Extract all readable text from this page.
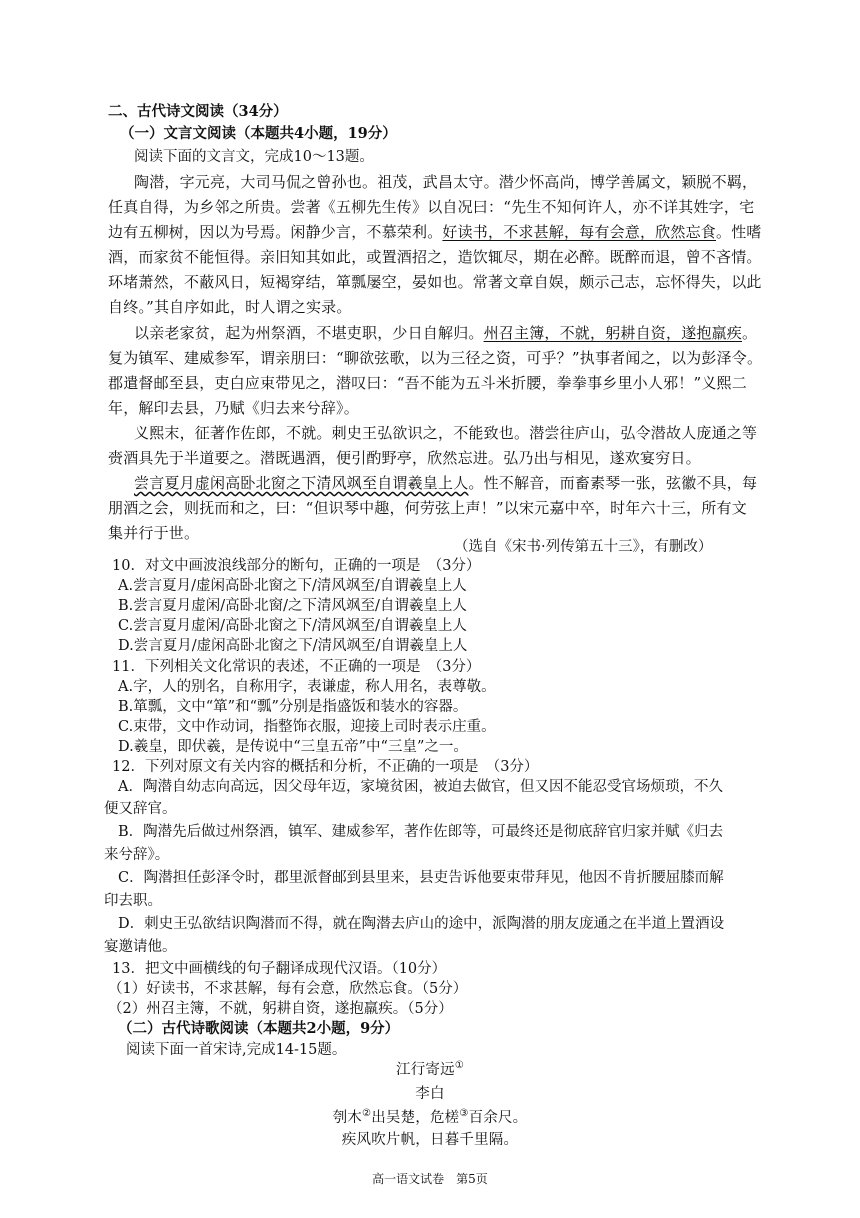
二、古代诗文阅读（34分）
（一）文言文阅读（本题共4小题，19分）
阅读下面的文言文，完成10～13题。
陶潜，字元亮，大司马侃之曾孙也。祖茂，武昌太守。潜少怀高尚，博学善属文，颖脱不羁，
任真自得，为乡邻之所贵。尝著《五柳先生传》以自况曰：“先生不知何许人，亦不详其姓字，宅
边有五柳树，因以为号焉。闲静少言，不慕荣利。好读书，不求甚解，每有会意，欣然忘食。性嗜
酒，而家贫不能恒得。亲旧知其如此，或置酒招之，造饮辄尽，期在必醉。既醉而退，曾不吝情。
环堵萧然，不蔽风日，短褐穿结，箪瓢屡空，晏如也。常著文章自娱，颇示己志，忘怀得失，以此
自终。”其自序如此，时人谓之实录。
以亲老家贫，起为州祭酒，不堪吏职，少日自解归。州召主簿，不就，躬耕自资，遂抱羸疾。
复为镇军、建威参军，谓亲朋曰：“聊欲弦歌，以为三径之资，可乎？”执事者闻之，以为彭泽令。
郡遣督邮至县，吏白应束带见之，潜叹曰：“吾不能为五斗米折腰，拳拳事乡里小人邪！”义熙二
年，解印去县，乃赋《归去来兮辞》。
义熙末，征著作佐郎，不就。刺史王弘欲识之，不能致也。潜尝往庐山，弘令潜故人庞通之等
赍酒具先于半道要之。潜既遇酒，便引酌野亭，欣然忘进。弘乃出与相见，遂欢宴穷日。
尝言夏月虚闲高卧北窗之下清风飒至自谓羲皇上人。性不解音，而畜素琴一张，弦徽不具，每
朋酒之会，则抚而和之，曰：“但识琴中趣，何劳弦上声！”以宋元嘉中卒，时年六十三，所有文
集并行于世。
（选自《宋书·列传第五十三》，有删改）
10．对文中画波浪线部分的断句，正确的一项是　（3分）
A.尝言夏月/虚闲高卧北窗之下/清风飒至/自谓羲皇上人
B.尝言夏月虚闲/高卧北窗/之下清风飒至/自谓羲皇上人
C.尝言夏月虚闲/高卧北窗之下/清风飒至/自谓羲皇上人
D.尝言夏月/虚闲高卧北窗之下/清风飒至/自谓羲皇上人
11．下列相关文化常识的表述，不正确的一项是　（3分）
A.字，人的别名，自称用字，表谦虚，称人用名，表尊敬。
B.箪瓢，文中“箪”和“瓢”分别是指盛饭和装水的容器。
C.束带，文中作动词，指整饰衣服，迎接上司时表示庄重。
D.羲皇，即伏羲，是传说中“三皇五帝”中“三皇”之一。
12．下列对原文有关内容的概括和分析，不正确的一项是　（3分）
A．陶潜自幼志向高远，因父母年迈，家境贫困，被迫去做官，但又因不能忍受官场烦琐，不久
便又辞官。
B．陶潜先后做过州祭酒，镇军、建威参军，著作佐郎等，可最终还是彻底辞官归家并赋《归去
来兮辞》。
C．陶潜担任彭泽令时，郡里派督邮到县里来，县吏告诉他要束带拜见，他因不肯折腰屈膝而解
印去职。
D．刺史王弘欲结识陶潜而不得，就在陶潜去庐山的途中，派陶潜的朋友庞通之在半道上置酒设
宴邀请他。
13．把文中画横线的句子翻译成现代汉语。（10分）
（1）好读书，不求甚解，每有会意，欣然忘食。（5分）
（2）州召主簿，不就，躬耕自资，遂抱羸疾。（5分）
（二）古代诗歌阅读（本题共2小题，9分）
阅读下面一首宋诗,完成14-15题。
江行寄远①
李白
刳木②出吴楚，危槎③百余尺。
疾风吹片帆，日暮千里隔。
高一语文试卷　第5页
